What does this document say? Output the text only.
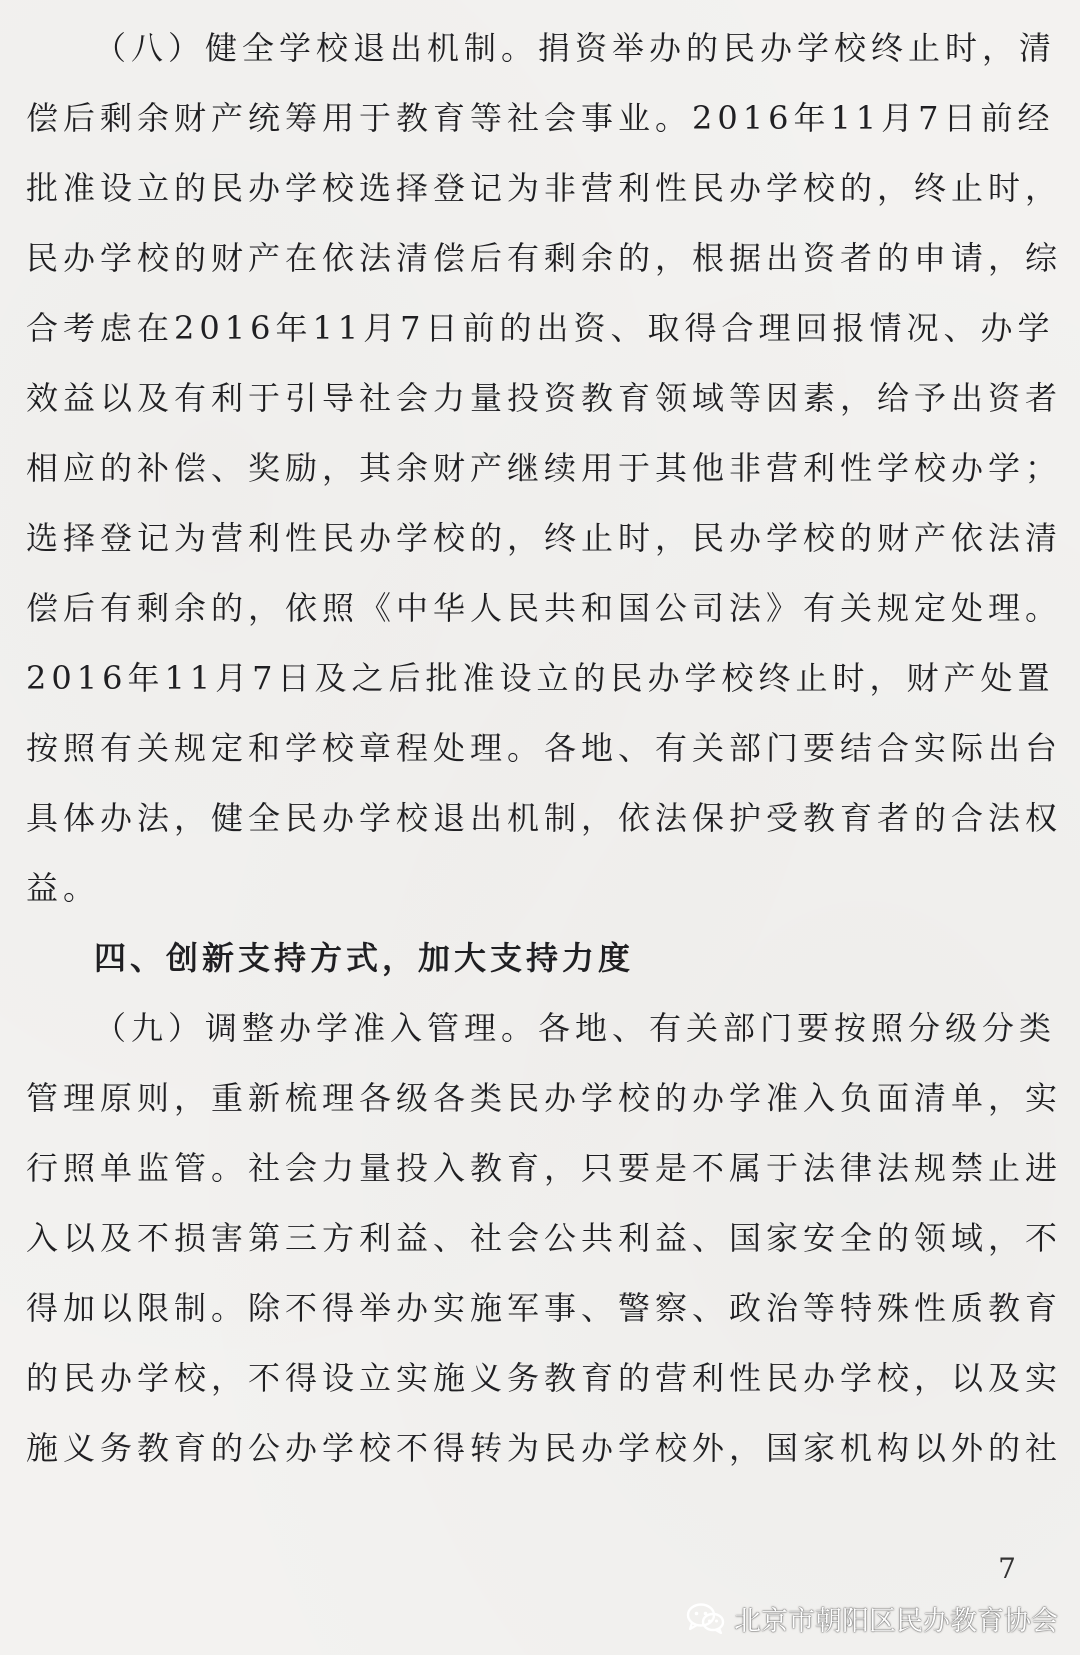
（八）健全学校退出机制。捐资举办的民办学校终止时，清
偿后剩余财产统筹用于教育等社会事业。2016年11月7日前经
批准设立的民办学校选择登记为非营利性民办学校的，终止时，
民办学校的财产在依法清偿后有剩余的，根据出资者的申请，综
合考虑在2016年11月7日前的出资、取得合理回报情况、办学
效益以及有利于引导社会力量投资教育领域等因素，给予出资者
相应的补偿、奖励，其余财产继续用于其他非营利性学校办学；
选择登记为营利性民办学校的，终止时，民办学校的财产依法清
偿后有剩余的，依照《中华人民共和国公司法》有关规定处理。
2016年11月7日及之后批准设立的民办学校终止时，财产处置
按照有关规定和学校章程处理。各地、有关部门要结合实际出台
具体办法，健全民办学校退出机制，依法保护受教育者的合法权
益。
四、创新支持方式，加大支持力度
（九）调整办学准入管理。各地、有关部门要按照分级分类
管理原则，重新梳理各级各类民办学校的办学准入负面清单，实
行照单监管。社会力量投入教育，只要是不属于法律法规禁止进
入以及不损害第三方利益、社会公共利益、国家安全的领域，不
得加以限制。除不得举办实施军事、警察、政治等特殊性质教育
的民办学校，不得设立实施义务教育的营利性民办学校，以及实
施义务教育的公办学校不得转为民办学校外，国家机构以外的社
7
北京市朝阳区民办教育协会
